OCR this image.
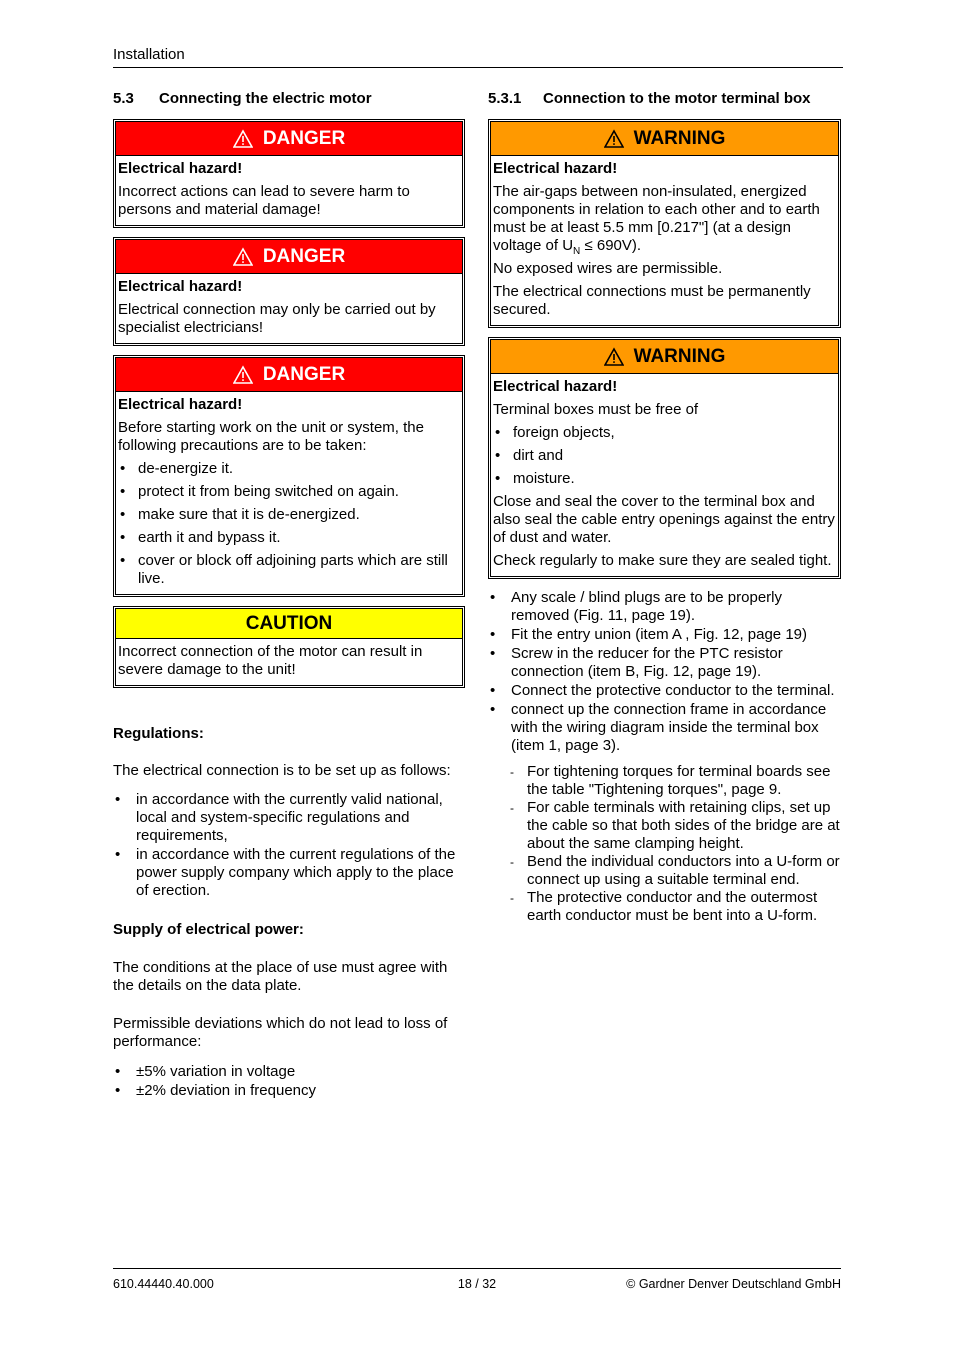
Installation
5.3	Connecting the electric motor
DANGER
Electrical hazard!

Incorrect actions can lead to severe harm to persons and material damage!

DANGER
Electrical hazard!

Electrical connection may only be carried out by specialist electricians!

DANGER
Electrical hazard!

Before starting work on the unit or system, the following precautions are to be taken:

• de-energize it.
• protect it from being switched on again.
• make sure that it is de-energized.
• earth it and bypass it.
• cover or block off adjoining parts which are still live.
CAUTION

Incorrect connection of the motor can result in severe damage to the unit!

Regulations:
The electrical connection is to be set up as follows:
• in accordance with the currently valid national, local and system-specific regulations and requirements,
• in accordance with the current regulations of the power supply company which apply to the place of erection.
Supply of electrical power:
The conditions at the place of use must agree with the details on the data plate.
Permissible deviations which do not lead to loss of performance:
• ±5% variation in voltage
• ±2% deviation in frequency
5.3.1	Connection to the motor terminal box
WARNING
Electrical hazard!

The air-gaps between non-insulated, energized components in relation to each other and to earth must be at least 5.5 mm [0.217"] (at a design voltage of $U_N \le 690V$).

No exposed wires are permissible.

The electrical connections must be permanently secured.

WARNING
Electrical hazard!

Terminal boxes must be free of

• foreign objects,
• dirt and
• moisture.

Close and seal the cover to the terminal box and also seal the cable entry openings against the entry of dust and water.

Check regularly to make sure they are sealed tight.

• Any scale / blind plugs are to be properly removed (Fig. 11, page 19).
• Fit the entry union (item A , Fig. 12, page 19)
• Screw in the reducer for the PTC resistor connection (item B, Fig. 12, page 19).
• Connect the protective conductor to the terminal.
• connect up the connection frame in accordance with the wiring diagram inside the terminal box (item 1, page 3).
- For tightening torques for terminal boards see the table "Tightening torques", page 9.
- For cable terminals with retaining clips, set up the cable so that both sides of the bridge are at about the same clamping height.
- Bend the individual conductors into a U-form or connect up using a suitable terminal end.
- The protective conductor and the outermost earth conductor must be bent into a U-form.
610.44440.40.000	18 / 32	© Gardner Denver Deutschland GmbH
